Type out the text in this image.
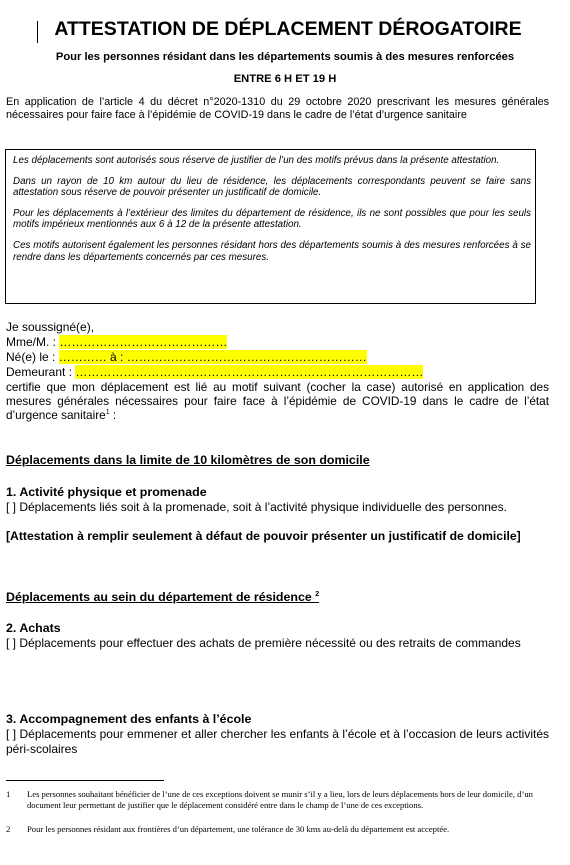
ATTESTATION DE DÉPLACEMENT DÉROGATOIRE
Pour les personnes résidant dans les départements soumis à des mesures renforcées
ENTRE 6 H ET 19 H
En application de l’article 4 du décret n°2020-1310 du 29 octobre 2020 prescrivant les mesures générales nécessaires pour faire face à l’épidémie de COVID-19 dans le cadre de l’état d’urgence sanitaire

Les déplacements sont autorisés sous réserve de justifier de l’un des motifs prévus dans la présente attestation.

Dans un rayon de 10 km autour du lieu de résidence, les déplacements correspondants peuvent se faire sans attestation sous réserve de pouvoir présenter un justificatif de domicile.

Pour les déplacements à l’extérieur des limites du département de résidence, ils ne sont possibles que pour les seuls motifs impérieux mentionnés aux 6 à 12 de la présente attestation.

Ces motifs autorisent également les personnes résidant hors des départements soumis à des mesures renforcées à se rendre dans les départements concernés par ces mesures.

Je soussigné(e),
Mme/M. : ……………………………………
Né(e) le : ………… à : ……………………………………………………
Demeurant : ……………………………………………………………………………
certifie que mon déplacement est lié au motif suivant (cocher la case) autorisé en application des mesures générales nécessaires pour faire face à l’épidémie de COVID-19 dans le cadre de l’état d’urgence sanitaire$^1$ :
Déplacements dans la limite de 10 kilomètres de son domicile
1. Activité physique et promenade
[ ] Déplacements liés soit à la promenade, soit à l’activité physique individuelle des personnes.
[Attestation à remplir seulement à défaut de pouvoir présenter un justificatif de domicile]
Déplacements au sein du département de résidence $^2$
2. Achats
[ ] Déplacements pour effectuer des achats de première nécessité ou des retraits de commandes
3. Accompagnement des enfants à l’école
[ ] Déplacements pour emmener et aller chercher les enfants à l’école et à l’occasion de leurs activités péri-scolaires
1 Les personnes souhaitant bénéficier de l’une de ces exceptions doivent se munir s’il y a lieu, lors de leurs déplacements hors de leur domicile, d’un document leur permettant de justifier que le déplacement considéré entre dans le champ de l’une de ces exceptions.
2 Pour les personnes résidant aux frontières d’un département, une tolérance de 30 kms au-delà du département est acceptée.
